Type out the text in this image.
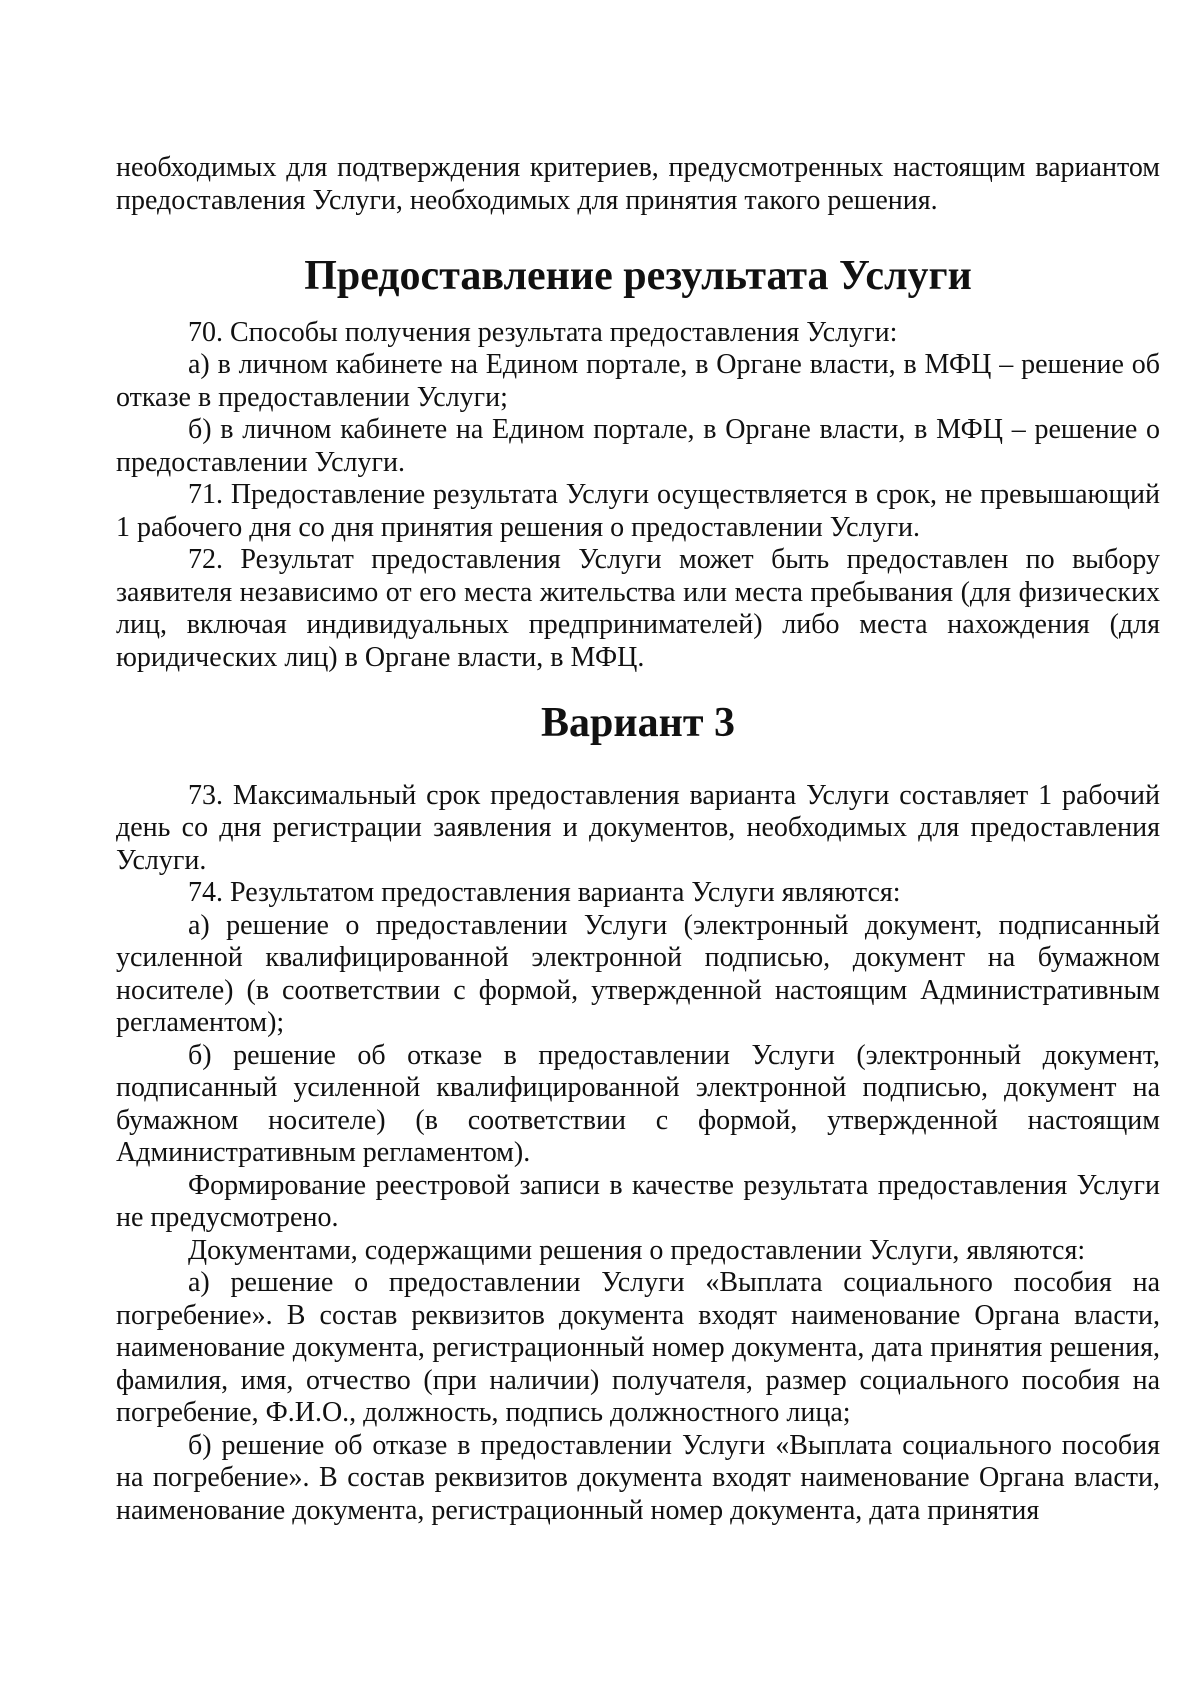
необходимых для подтверждения критериев, предусмотренных настоящим вариантом предоставления Услуги, необходимых для принятия такого решения.

Предоставление результата Услуги

70. Способы получения результата предоставления Услуги:

а) в личном кабинете на Едином портале, в Органе власти, в МФЦ – решение об отказе в предоставлении Услуги;

б) в личном кабинете на Едином портале, в Органе власти, в МФЦ – решение о предоставлении Услуги.

71. Предоставление результата Услуги осуществляется в срок, не превышающий 1 рабочего дня со дня принятия решения о предоставлении Услуги.

72. Результат предоставления Услуги может быть предоставлен по выбору заявителя независимо от его места жительства или места пребывания (для физических лиц, включая индивидуальных предпринимателей) либо места нахождения (для юридических лиц) в Органе власти, в МФЦ.

Вариант 3

73. Максимальный срок предоставления варианта Услуги составляет 1 рабочий день со дня регистрации заявления и документов, необходимых для предоставления Услуги.

74. Результатом предоставления варианта Услуги являются:

а) решение о предоставлении Услуги (электронный документ, подписанный усиленной квалифицированной электронной подписью, документ на бумажном носителе) (в соответствии с формой, утвержденной настоящим Административным регламентом);

б) решение об отказе в предоставлении Услуги (электронный документ, подписанный усиленной квалифицированной электронной подписью, документ на бумажном носителе) (в соответствии с формой, утвержденной настоящим Административным регламентом).

Формирование реестровой записи в качестве результата предоставления Услуги не предусмотрено.

Документами, содержащими решения о предоставлении Услуги, являются:

а) решение о предоставлении Услуги «Выплата социального пособия на погребение». В состав реквизитов документа входят наименование Органа власти, наименование документа, регистрационный номер документа, дата принятия решения, фамилия, имя, отчество (при наличии) получателя, размер социального пособия на погребение, Ф.И.О., должность, подпись должностного лица;

б) решение об отказе в предоставлении Услуги «Выплата социального пособия на погребение». В состав реквизитов документа входят наименование Органа власти, наименование документа, регистрационный номер документа, дата принятия
